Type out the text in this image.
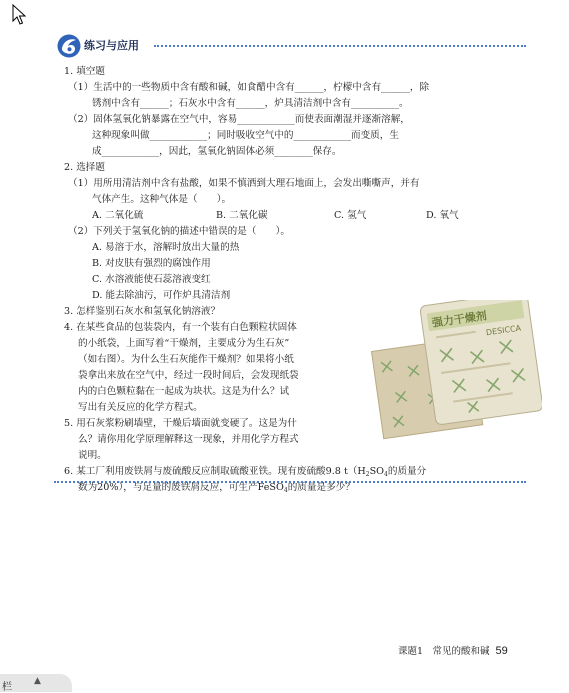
练习与应用
1. 填空题
（1）生活中的一些物质中含有酸和碱，如食醋中含有______，柠檬中含有______，除
锈剂中含有______；石灰水中含有______，炉具清洁剂中含有__________。
（2）固体氢氧化钠暴露在空气中，容易____________而使表面潮湿并逐渐溶解，
这种现象叫做____________；同时吸收空气中的____________而变质，生
成____________，因此，氢氧化钠固体必须________保存。
2. 选择题
（1）用所用清洁剂中含有盐酸，如果不慎洒到大理石地面上，会发出嘶嘶声，并有
气体产生。这种气体是（　　）。
A. 二氧化硫	B. 二氧化碳	C. 氢气	D. 氧气
（2）下列关于氢氧化钠的描述中错误的是（　　）。
A. 易溶于水，溶解时放出大量的热
B. 对皮肤有强烈的腐蚀作用
C. 水溶液能使石蕊溶液变红
D. 能去除油污，可作炉具清洁剂
3. 怎样鉴别石灰水和氢氧化钠溶液？
4. 在某些食品的包装袋内，有一个装有白色颗粒状固体
的小纸袋，上面写着“干燥剂，主要成分为生石灰”
（如右图）。为什么生石灰能作干燥剂？如果将小纸
袋拿出来放在空气中，经过一段时间后，会发现纸袋
内的白色颗粒黏在一起成为块状。这是为什么？试
写出有关反应的化学方程式。
5. 用石灰浆粉刷墙壁，干燥后墙面就变硬了。这是为什
么？请你用化学原理解释这一现象，并用化学方程式
说明。
6. 某工厂利用废铁屑与废硫酸反应制取硫酸亚铁。现有废硫酸9.8 $t(H_2SO_4$的质量分
数为20%），与足量的废铁屑反应，可生产FeSO$_4$的质量是多少？
强力干燥剂
DESICCA
课题1　常见的酸和碱 59
栏
▲
